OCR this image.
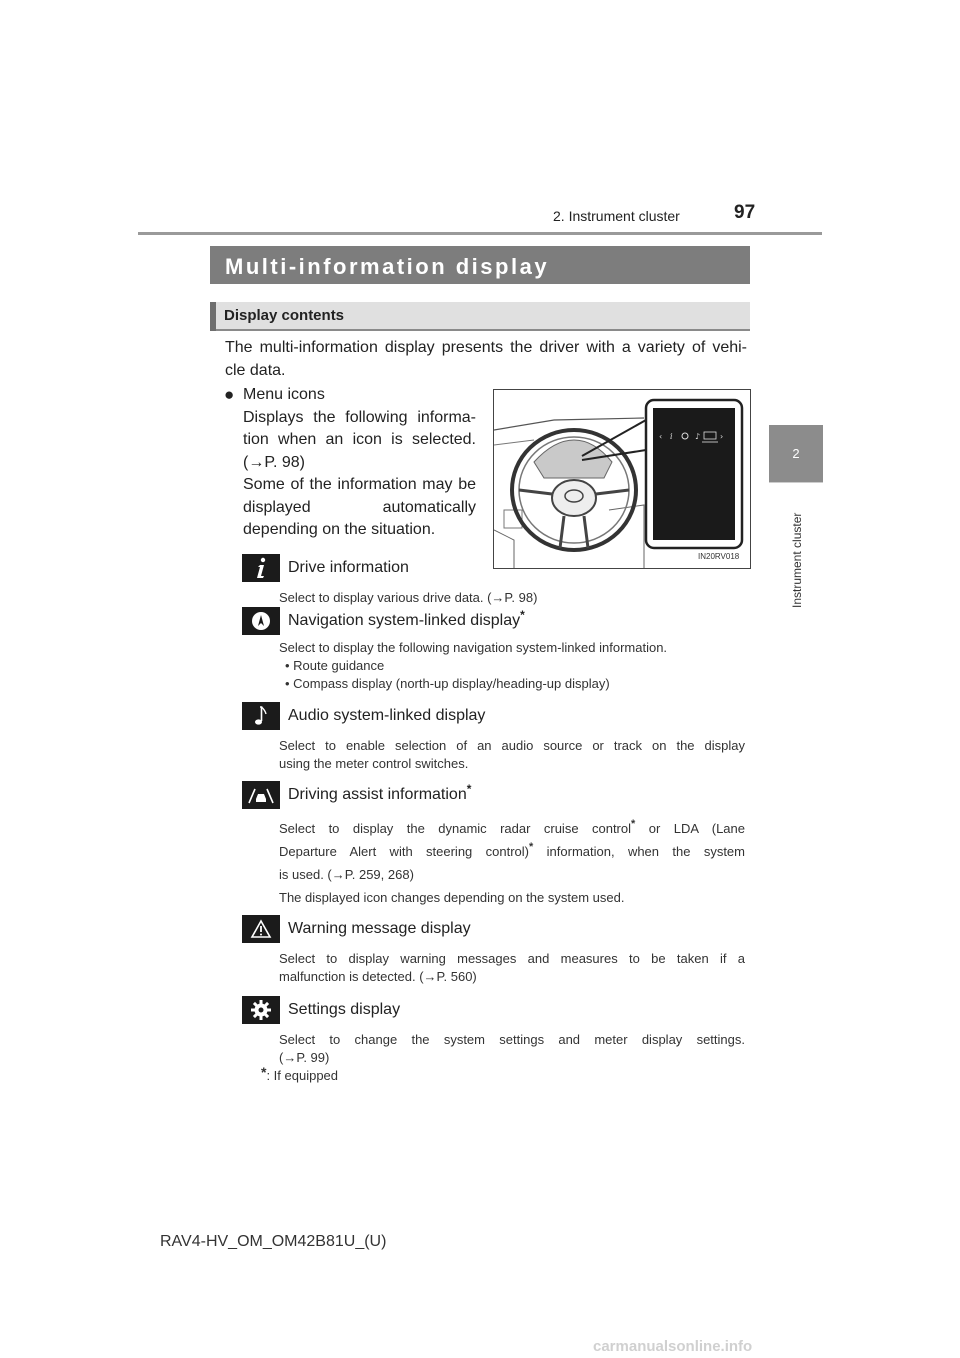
2. Instrument cluster	97
2
Instrument cluster
Multi-information display
Display contents
The multi-information display presents the driver with a variety of vehi-
cle data.
● Menu icons
Displays the following informa-
tion when an icon is selected.
(→P. 98)
Some of the information may be
displayed automatically
depending on the situation.
‹ i	♪ ›
IN20RV018
Drive information
Select to display various drive data. (→P. 98)
Navigation system-linked display*
Select to display the following navigation system-linked information.
• Route guidance
• Compass display (north-up display/heading-up display)
Audio system-linked display
Select to enable selection of an audio source or track on the display
using the meter control switches.
Driving assist information*
Select to display the dynamic radar cruise control* or LDA (Lane
Departure Alert with steering control)* information, when the system
is used. (→P. 259, 268)
The displayed icon changes depending on the system used.
Warning message display
Select to display warning messages and measures to be taken if a
malfunction is detected. (→P. 560)
Settings display
Select to change the system settings and meter display settings.
(→P. 99)
*: If equipped
RAV4-HV_OM_OM42B81U_(U)
carmanualsonline.info
